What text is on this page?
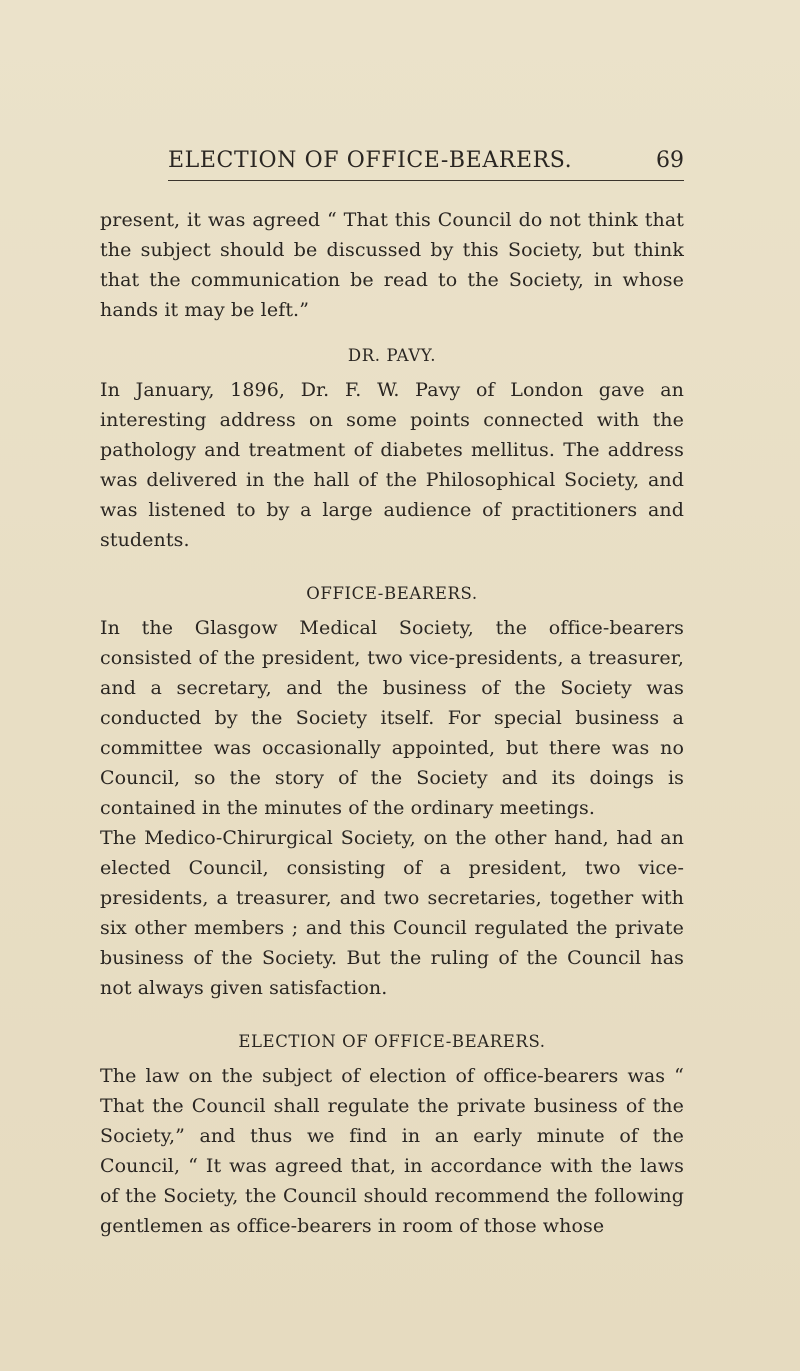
ELECTION OF OFFICE-BEARERS.	69

present, it was agreed “ That this Council do not think that the subject should be discussed by this Society, but think that the communication be read to the Society, in whose hands it may be left.”

DR. PAVY.

In January, 1896, Dr. F. W. Pavy of London gave an interesting address on some points connected with the pathology and treatment of diabetes mellitus. The address was delivered in the hall of the Philosophical Society, and was listened to by a large audience of practitioners and students.

OFFICE-BEARERS.

In the Glasgow Medical Society, the office-bearers consisted of the president, two vice-presidents, a treasurer, and a secretary, and the business of the Society was conducted by the Society itself. For special business a committee was occasionally appointed, but there was no Council, so the story of the Society and its doings is contained in the minutes of the ordinary meetings.

The Medico-Chirurgical Society, on the other hand, had an elected Council, consisting of a president, two vice-presidents, a treasurer, and two secretaries, together with six other members ; and this Council regulated the private business of the Society. But the ruling of the Council has not always given satisfaction.

ELECTION OF OFFICE-BEARERS.

The law on the subject of election of office-bearers was “ That the Council shall regulate the private business of the Society,” and thus we find in an early minute of the Council, “ It was agreed that, in accordance with the laws of the Society, the Council should recommend the following gentlemen as office-bearers in room of those whose
